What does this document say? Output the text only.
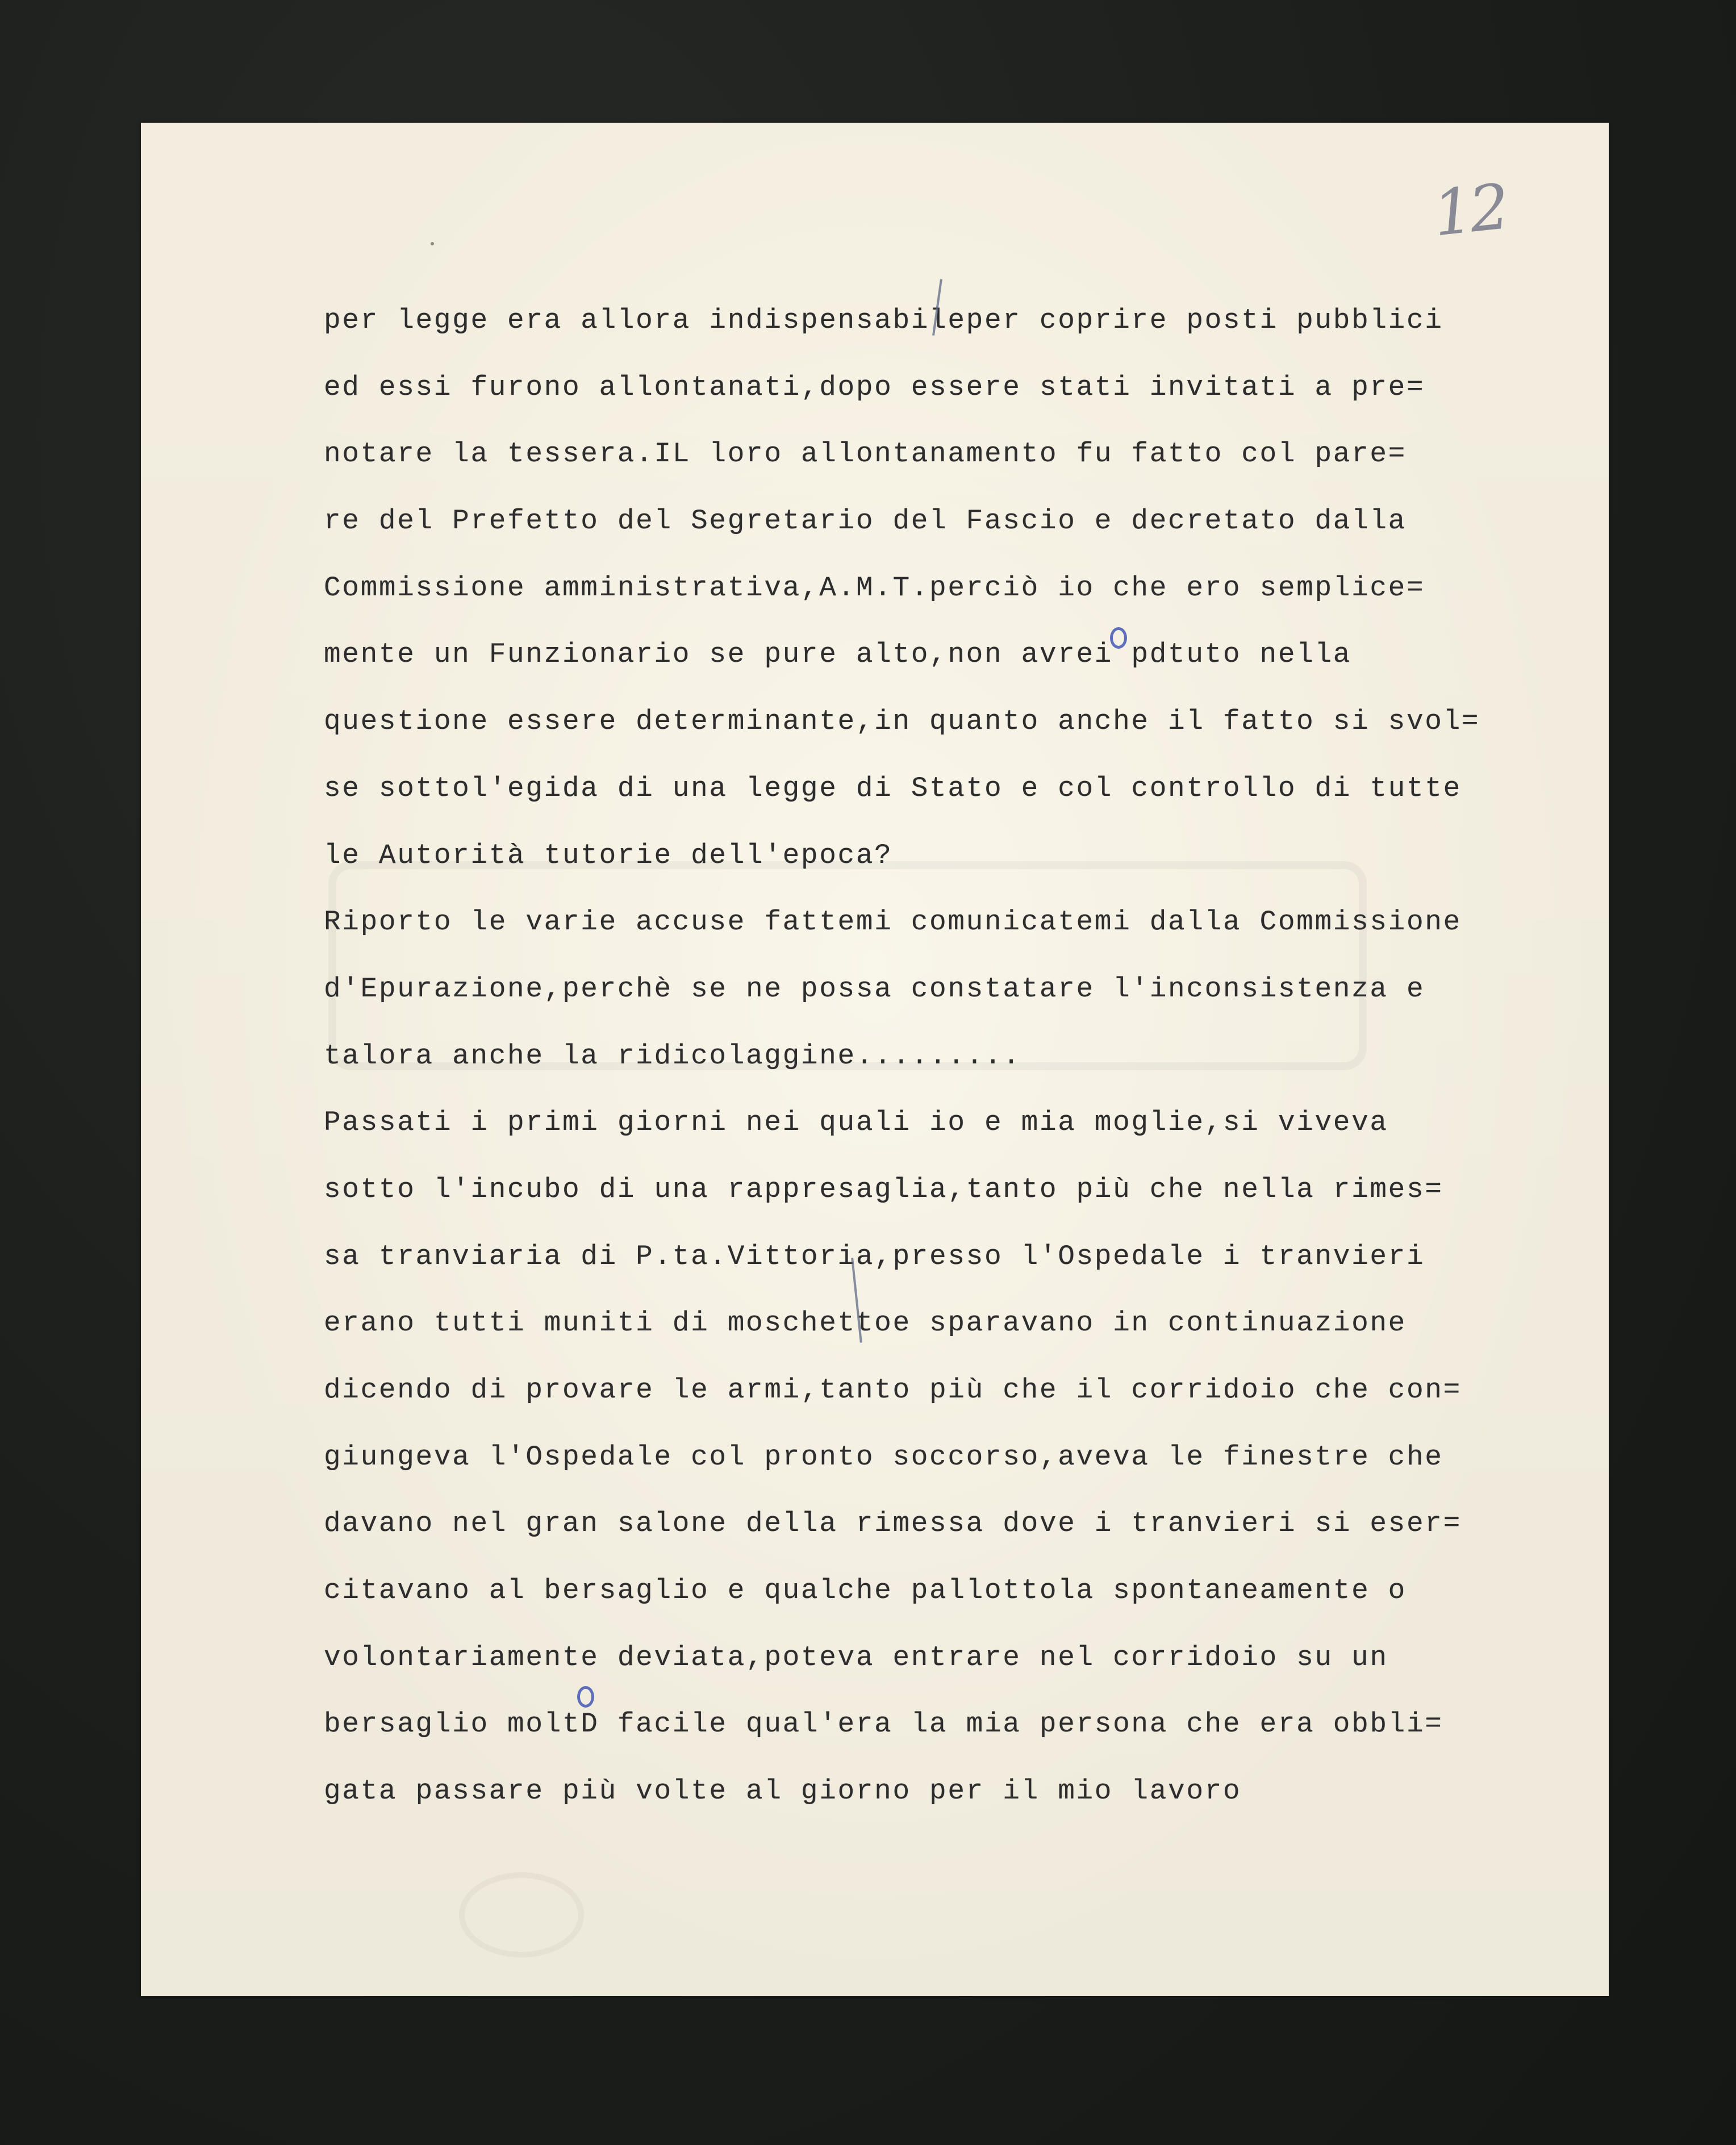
12
per legge era allora indispensabileper coprire posti pubblici
ed essi furono allontanati,dopo essere stati invitati a pre=
notare la tessera.IL loro allontanamento fu fatto col pare=
re del Prefetto del Segretario del Fascio e decretato dalla
Commissione amministrativa,A.M.T.perciò io che ero semplice=
mente un Funzionario se pure alto,non avrei pdtuto nella
questione essere determinante,in quanto anche il fatto si svol=
se sottol'egida di una legge di Stato e col controllo di tutte
le Autorità tutorie dell'epoca?
Riporto le varie accuse fattemi comunicatemi dalla Commissione
d'Epurazione,perchè se ne possa constatare l'inconsistenza e
talora anche la ridicolaggine.........
Passati i primi giorni nei quali io e mia moglie,si viveva
sotto l'incubo di una rappresaglia,tanto più che nella rimes=
sa tranviaria di P.ta.Vittoria,presso l'Ospedale i tranvieri
erano tutti muniti di moschettoe sparavano in continuazione
dicendo di provare le armi,tanto più che il corridoio che con=
giungeva l'Ospedale col pronto soccorso,aveva le finestre che
davano nel gran salone della rimessa dove i tranvieri si eser=
citavano al bersaglio e qualche pallottola spontaneamente o
volontariamente deviata,poteva entrare nel corridoio su un
bersaglio moltD facile qual'era la mia persona che era obbli=
gata passare più volte al giorno per il mio lavoro
